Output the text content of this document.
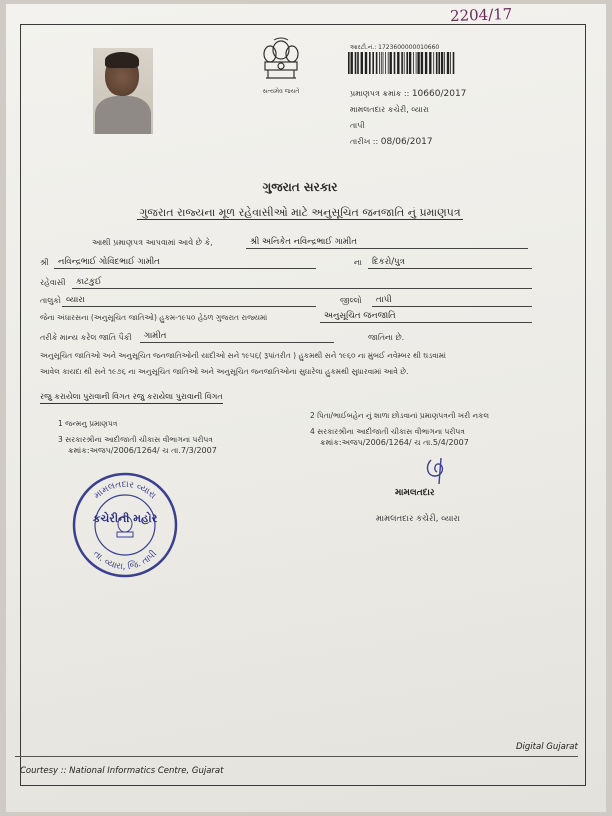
2204/17
સત્યમેવ જયતે
આરટી.નં.: 1723600000010660
પ્રમાણપત્ર ક્રમાંક :: 10660/2017
મામલતદાર કચેરી, વ્યારા
તાપી
તારીખ :: 08/06/2017
ગુજરાત સરકાર
ગુજરાત રાજ્યના મૂળ રહેવાસીઓ માટે અનુસૂચિત જનજાતિ નું પ્રમાણપત્ર
આથી પ્રમાણપત્ર આપવામાં આવે છે કે,	શ્રી અનિકેત નવિન્દ્રભાઈ ગામીત
શ્રી	નવિન્દ્રભાઈ ગોવિંદભાઈ ગામીત	ના	દિકરો/પુત્ર
રહેવાસી	કાટકુઈ
તાલુકો વ્યારા	જીલ્લો	તાપી
જેના અંધારસના (અનુસૂચિત જાતિઓ) હુકમ-૧૯૫૦ હેઠળ ગુજરાત રાજ્યમાં	અનુસૂચિત જનજાતિ
તરીકે માન્ય કરેલ જાતિ પૈકી	ગામીત	જાતિના છે.
અનુસૂચિત જાતિઓ અને અનુસૂચિત જનજાતિઓની યાદીઓ સને ૧૯૫૬( રૂપાંતરીત ) હુકમથી સને ૧૯૬૦ ના મુંબઈ નવેમ્બર થી ઘડવામાં
આવેલ કાયદા થી સને ૧૯૭૬ ના અનુસૂચિત જાતિઓ અને અનુસૂચિત જનજાતિઓના સુધારેલા હુકમથી સુધારવામાં આવે છે.
રજુ કરાયેલા પુરાવાની વિગત રજુ કરાયેલા પુરાવાની વિગત
1 જન્મનુ પ્રમાણપત્ર
2 પિતા/ભાઈબહેન નું શાળા છોડવાનાં પ્રમાણપત્રની ખરી નકલ
3 સરકારશ્રીના આદીજાતી ચીકાસ વીભાગના પરીપત્ર
ક્રમાંક:અજપ/2006/1264/ ચ તા.7/3/2007
4 સરકારશ્રીના આદીજાતી ચીકાસ વીભાગના પરીપત્ર
ક્રમાંક:અજપ/2006/1264/ ચ તા.5/4/2007
મામલતદાર
મામલતદાર કચેરી, વ્યારા
મામલતદાર વ્યારા
તા. વ્યારા, જિ. તાપી
કચેરીની મહોર
Courtesy :: National Informatics Centre, Gujarat
Digital Gujarat
